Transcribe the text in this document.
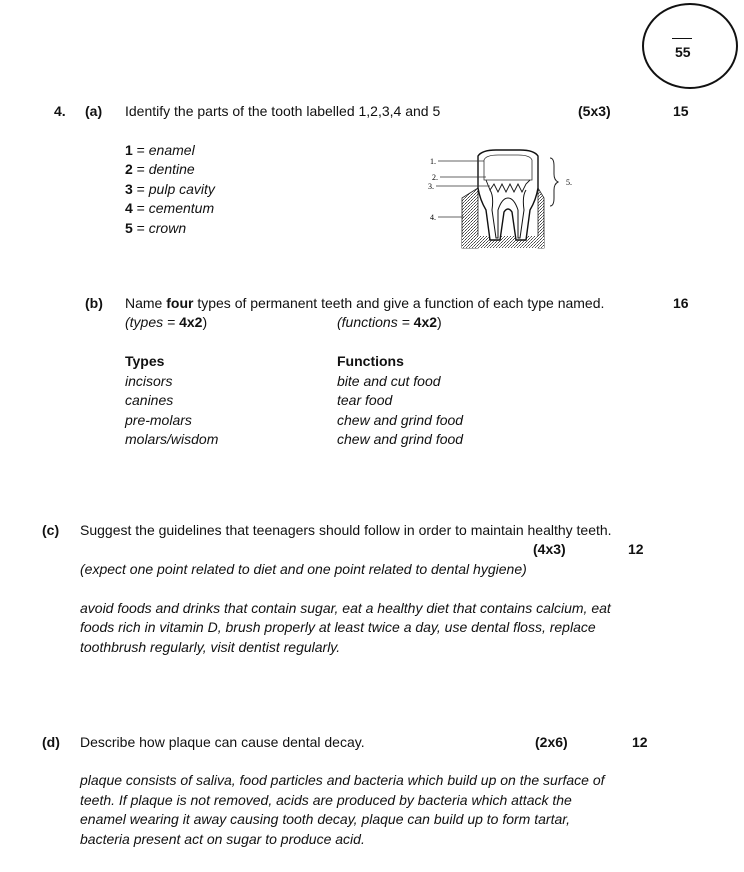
55
4. (a) Identify the parts of the tooth labelled 1,2,3,4 and 5	(5x3)	15
1 = enamel
2 = dentine
3 = pulp cavity
4 = cementum
5 = crown
1.
2.
3.
4.
5.
(b) Name four types of permanent teeth and give a function of each type named.	16
(types = 4x2)	(functions = 4x2)
Types	Functions
incisors	bite and cut food
canines	tear food
pre-molars	chew and grind food
molars/wisdom	chew and grind food
(c) Suggest the guidelines that teenagers should follow in order to maintain healthy teeth.
(4x3)	12
(expect one point related to diet and one point related to dental hygiene)
avoid foods and drinks that contain sugar, eat a healthy diet that contains calcium, eat
foods rich in vitamin D, brush properly at least twice a day, use dental floss, replace
toothbrush regularly, visit dentist regularly.
(d) Describe how plaque can cause dental decay.	(2x6)	12
plaque consists of saliva, food particles and bacteria which build up on the surface of
teeth. If plaque is not removed, acids are produced by bacteria which attack the
enamel wearing it away causing tooth decay, plaque can build up to form tartar,
bacteria present act on sugar to produce acid.
